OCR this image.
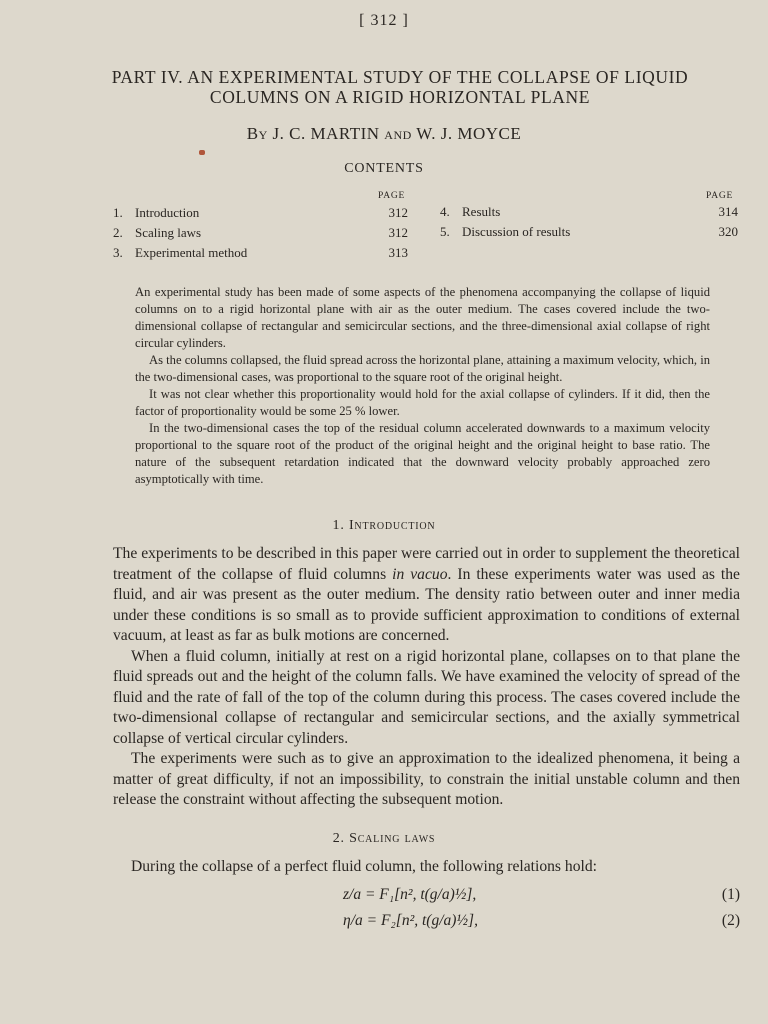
[ 312 ]
PART IV. AN EXPERIMENTAL STUDY OF THE COLLAPSE OF LIQUID
COLUMNS ON A RIGID HORIZONTAL PLANE
By J. C. MARTIN and W. J. MOYCE
CONTENTS
PAGE	PAGE
1. Introduction	312
2. Scaling laws	312
3. Experimental method	313
4. Results	314
5. Discussion of results	320

An experimental study has been made of some aspects of the phenomena accompanying the collapse of liquid columns on to a rigid horizontal plane with air as the outer medium. The cases covered include the two-dimensional collapse of rectangular and semicircular sections, and the three-dimensional axial collapse of right circular cylinders.

As the columns collapsed, the fluid spread across the horizontal plane, attaining a maximum velocity, which, in the two-dimensional cases, was proportional to the square root of the original height.

It was not clear whether this proportionality would hold for the axial collapse of cylinders. If it did, then the factor of proportionality would be some 25 % lower.

In the two-dimensional cases the top of the residual column accelerated downwards to a maximum velocity proportional to the square root of the product of the original height and the original height to base ratio. The nature of the subsequent retardation indicated that the downward velocity probably approached zero asymptotically with time.

1. Introduction

The experiments to be described in this paper were carried out in order to supplement the theoretical treatment of the collapse of fluid columns in vacuo. In these experiments water was used as the fluid, and air was present as the outer medium. The density ratio between outer and inner media under these conditions is so small as to provide sufficient approximation to conditions of external vacuum, at least as far as bulk motions are concerned.

When a fluid column, initially at rest on a rigid horizontal plane, collapses on to that plane the fluid spreads out and the height of the column falls. We have examined the velocity of spread of the fluid and the rate of fall of the top of the column during this process. The cases covered include the two-dimensional collapse of rectangular and semicircular sections, and the axially symmetrical collapse of vertical circular cylinders.

The experiments were such as to give an approximation to the idealized phenomena, it being a matter of great difficulty, if not an impossibility, to constrain the initial unstable column and then release the constraint without affecting the subsequent motion.

2. Scaling laws

During the collapse of a perfect fluid column, the following relations hold:

z/a = F₁[n², t(g/a)½],	(1)
η/a = F₂[n², t(g/a)½],	(2)
